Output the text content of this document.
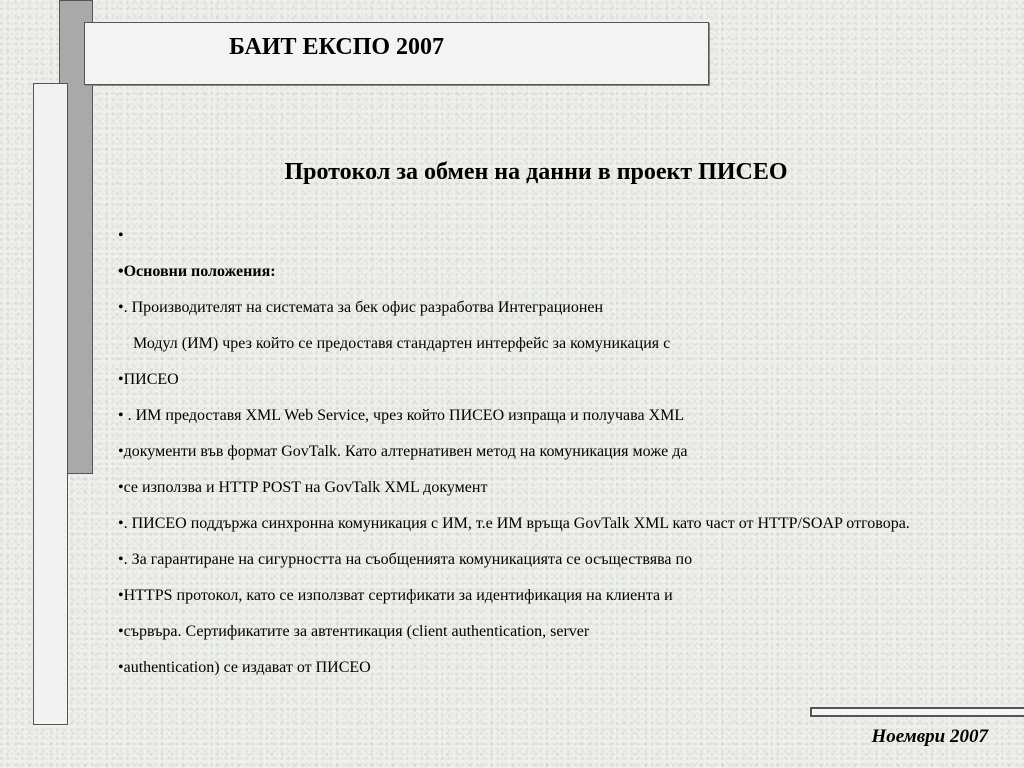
БАИТ ЕКСПО 2007
Протокол за обмен на данни в проект ПИСЕО

•

•Основни положения:

•. Производителят на системата за бек офис разработва Интеграционен

Модул (ИМ) чрез който се предоставя стандартен интерфейс за комуникация с

•ПИСЕО

• . ИМ предоставя XML Web Service, чрез който ПИСЕО изпраща и получава XML

•документи във формат GovTalk. Като алтернативен метод на комуникация може да

•се използва и HTTP POST на GovTalk XML документ

•. ПИСЕО поддържа синхронна комуникация с ИМ, т.е ИМ връща GovTalk XML като част от HTTP/SOAP отговора.

•. За гарантиране на сигурността на съобщенията комуникацията се осъществява по

•HTTPS протокол, като се използват сертификати за идентификация на клиента и

•сървъра. Сертификатите за автентикация (client authentication, server

•authentication) се издават от ПИСЕО

Ноември 2007
